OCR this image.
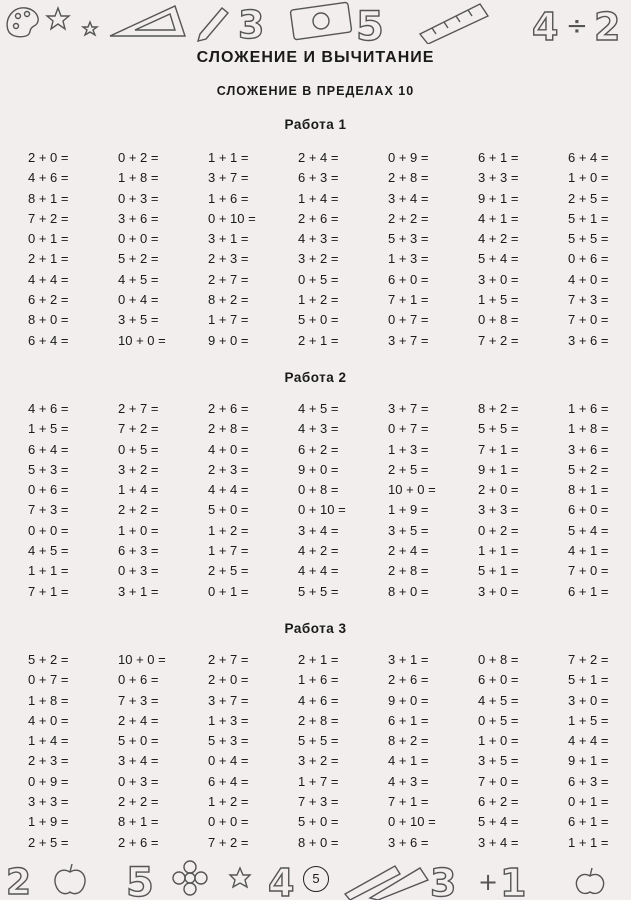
3 5	4 ÷ 2
СЛОЖЕНИЕ И ВЫЧИТАНИЕ
СЛОЖЕНИЕ В ПРЕДЕЛАХ 10
Работа 1
2 + 0 =	0 + 2 =	1 + 1 =	2 + 4 =	0 + 9 =	6 + 1 =	6 + 4 =
4 + 6 =	1 + 8 =	3 + 7 =	6 + 3 =	2 + 8 =	3 + 3 =	1 + 0 =
8 + 1 =	0 + 3 =	1 + 6 =	1 + 4 =	3 + 4 =	9 + 1 =	2 + 5 =
7 + 2 =	3 + 6 =	0 + 10 =	2 + 6 =	2 + 2 =	4 + 1 =	5 + 1 =
0 + 1 =	0 + 0 =	3 + 1 =	4 + 3 =	5 + 3 =	4 + 2 =	5 + 5 =
2 + 1 =	5 + 2 =	2 + 3 =	3 + 2 =	1 + 3 =	5 + 4 =	0 + 6 =
4 + 4 =	4 + 5 =	2 + 7 =	0 + 5 =	6 + 0 =	3 + 0 =	4 + 0 =
6 + 2 =	0 + 4 =	8 + 2 =	1 + 2 =	7 + 1 =	1 + 5 =	7 + 3 =
8 + 0 =	3 + 5 =	1 + 7 =	5 + 0 =	0 + 7 =	0 + 8 =	7 + 0 =
6 + 4 =	10 + 0 =	9 + 0 =	2 + 1 =	3 + 7 =	7 + 2 =	3 + 6 =
Работа 2
4 + 6 =	2 + 7 =	2 + 6 =	4 + 5 =	3 + 7 =	8 + 2 =	1 + 6 =
1 + 5 =	7 + 2 =	2 + 8 =	4 + 3 =	0 + 7 =	5 + 5 =	1 + 8 =
6 + 4 =	0 + 5 =	4 + 0 =	6 + 2 =	1 + 3 =	7 + 1 =	3 + 6 =
5 + 3 =	3 + 2 =	2 + 3 =	9 + 0 =	2 + 5 =	9 + 1 =	5 + 2 =
0 + 6 =	1 + 4 =	4 + 4 =	0 + 8 =	10 + 0 =	2 + 0 =	8 + 1 =
7 + 3 =	2 + 2 =	5 + 0 =	0 + 10 =	1 + 9 =	3 + 3 =	6 + 0 =
0 + 0 =	1 + 0 =	1 + 2 =	3 + 4 =	3 + 5 =	0 + 2 =	5 + 4 =
4 + 5 =	6 + 3 =	1 + 7 =	4 + 2 =	2 + 4 =	1 + 1 =	4 + 1 =
1 + 1 =	0 + 3 =	2 + 5 =	4 + 4 =	2 + 8 =	5 + 1 =	7 + 0 =
7 + 1 =	3 + 1 =	0 + 1 =	5 + 5 =	8 + 0 =	3 + 0 =	6 + 1 =
Работа 3
5 + 2 =	10 + 0 =	2 + 7 =	2 + 1 =	3 + 1 =	0 + 8 =	7 + 2 =
0 + 7 =	0 + 6 =	2 + 0 =	1 + 6 =	2 + 6 =	6 + 0 =	5 + 1 =
1 + 8 =	7 + 3 =	3 + 7 =	4 + 6 =	9 + 0 =	4 + 5 =	3 + 0 =
4 + 0 =	2 + 4 =	1 + 3 =	2 + 8 =	6 + 1 =	0 + 5 =	1 + 5 =
1 + 4 =	5 + 0 =	5 + 3 =	5 + 5 =	8 + 2 =	1 + 0 =	4 + 4 =
2 + 3 =	3 + 4 =	0 + 4 =	3 + 2 =	4 + 1 =	3 + 5 =	9 + 1 =
0 + 9 =	0 + 3 =	6 + 4 =	1 + 7 =	4 + 3 =	7 + 0 =	6 + 3 =
3 + 3 =	2 + 2 =	1 + 2 =	7 + 3 =	7 + 1 =	6 + 2 =	0 + 1 =
1 + 9 =	8 + 1 =	0 + 0 =	5 + 0 =	0 + 10 =	5 + 4 =	6 + 1 =
2 + 5 =	2 + 6 =	7 + 2 =	8 + 0 =	3 + 6 =	3 + 4 =	1 + 1 =
2 5	4	3 + 1
5
